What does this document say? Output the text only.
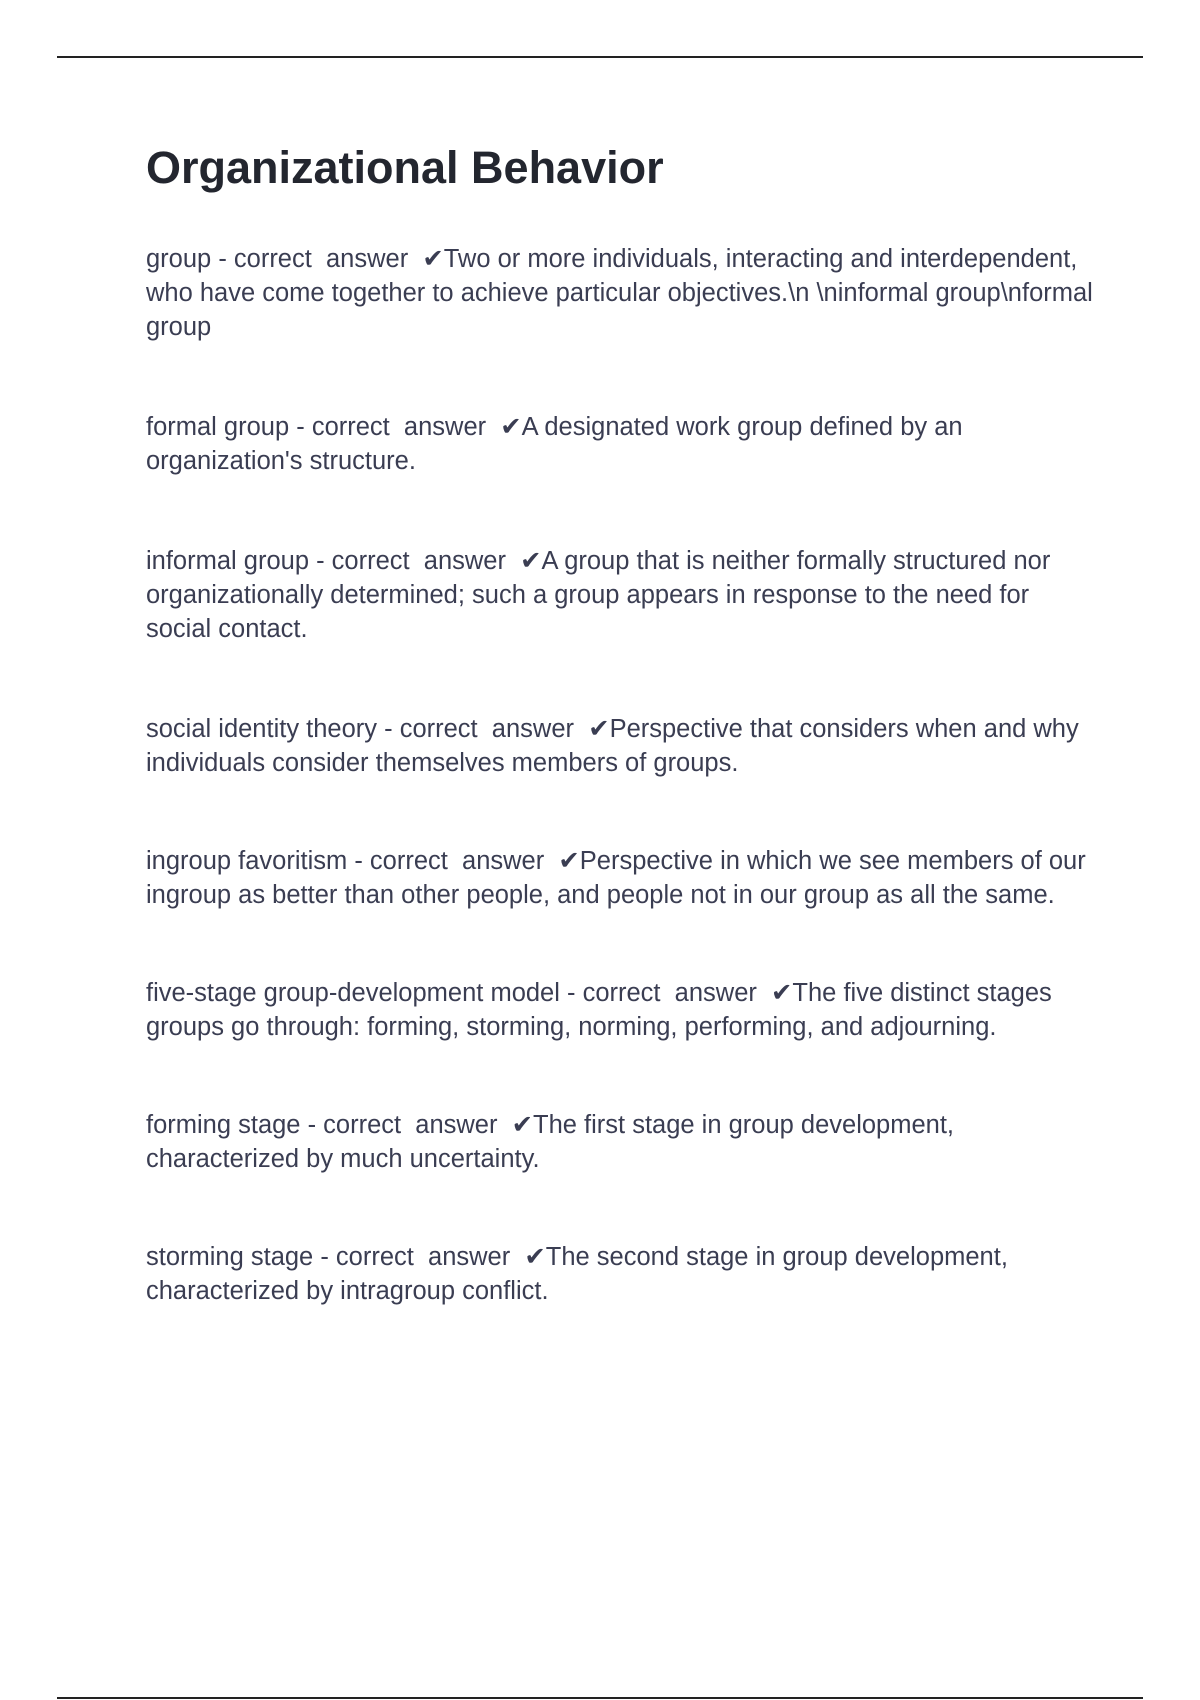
Organizational Behavior

group - correct  answer  ✔Two or more individuals, interacting and interdependent, who have come together to achieve particular objectives.\n \ninformal group\nformal group

formal group - correct  answer  ✔A designated work group defined by an organization's structure.

informal group - correct  answer  ✔A group that is neither formally structured nor organizationally determined; such a group appears in response to the need for social contact.

social identity theory - correct  answer  ✔Perspective that considers when and why individuals consider themselves members of groups.

ingroup favoritism - correct  answer  ✔Perspective in which we see members of our ingroup as better than other people, and people not in our group as all the same.

five-stage group-development model - correct  answer  ✔The five distinct stages groups go through: forming, storming, norming, performing, and adjourning.

forming stage - correct  answer  ✔The first stage in group development, characterized by much uncertainty.

storming stage - correct  answer  ✔The second stage in group development, characterized by intragroup conflict.
